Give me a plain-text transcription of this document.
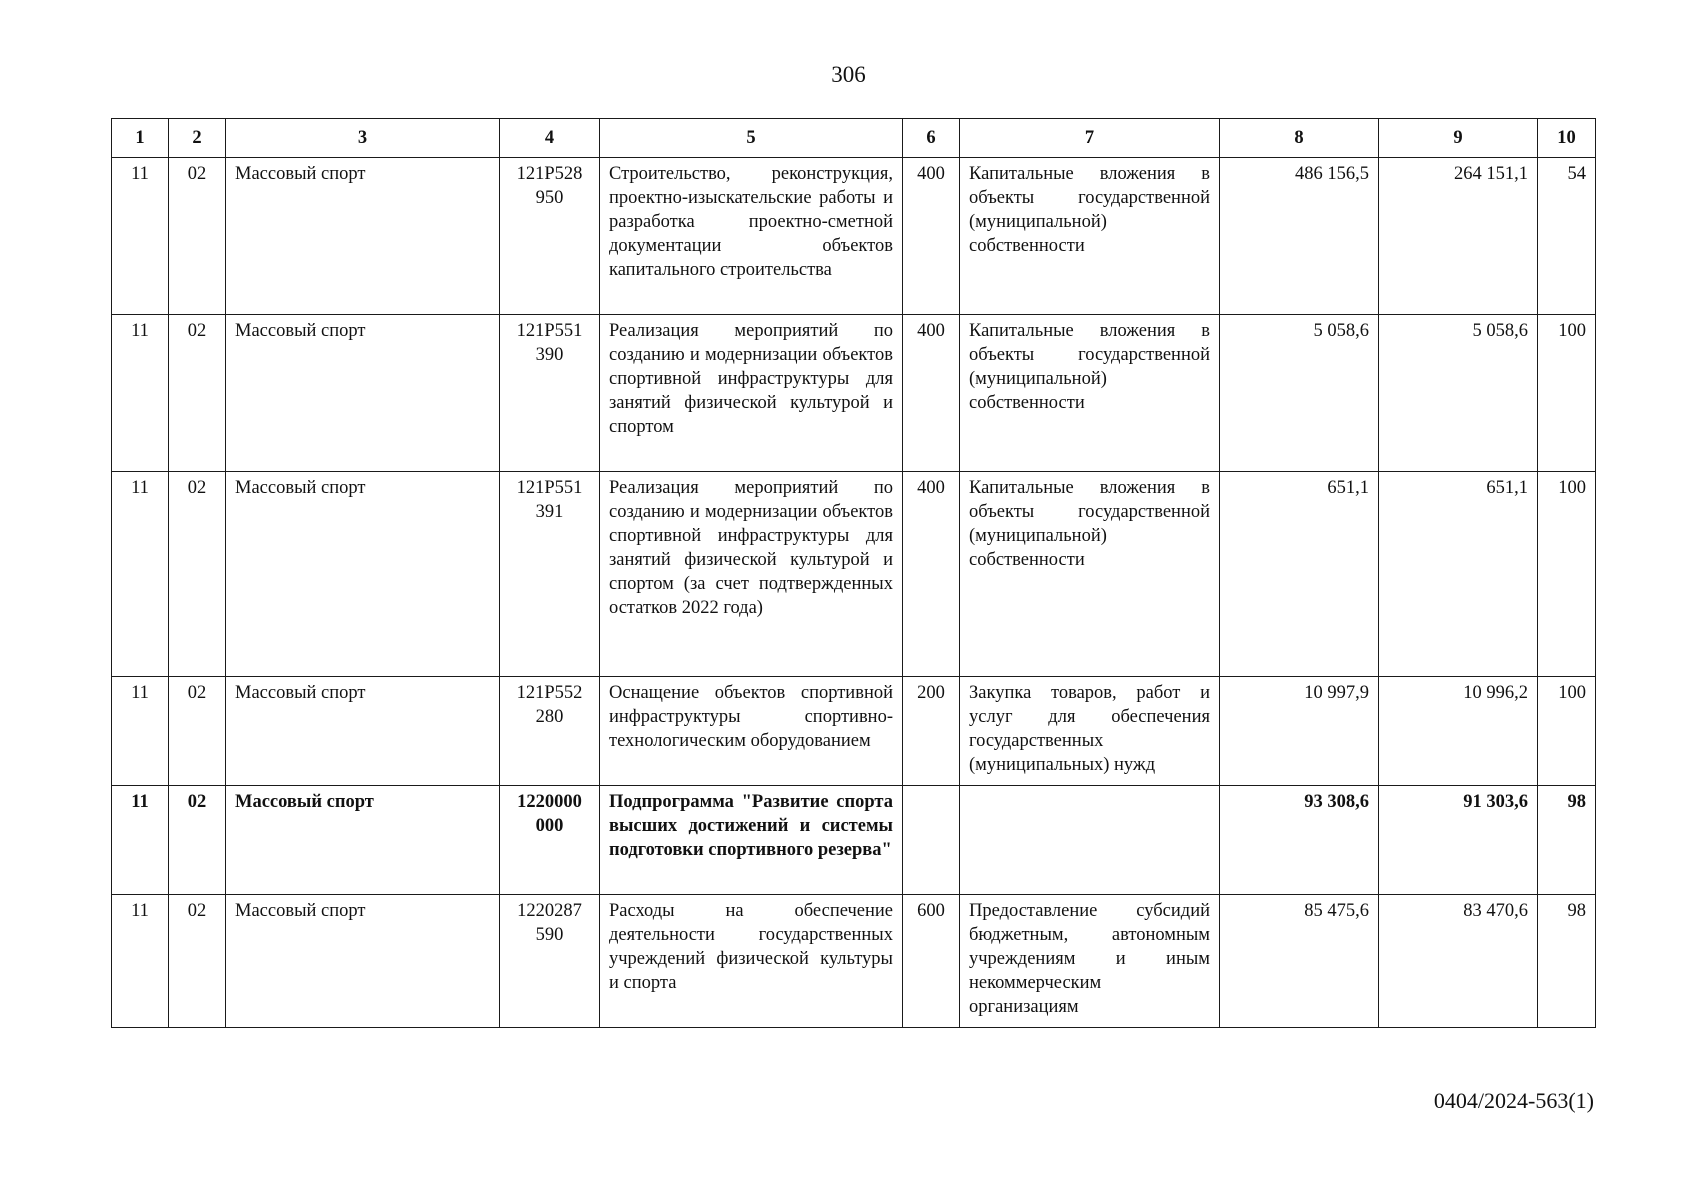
306
1	2	3	4	5	6	7	8	9	10
11	02	Массовый спорт	121P528 950	Строительство, реконструкция, проектно-изыскательские работы и разработка проектно-сметной документации объектов капитального строительства	400	Капитальные вложения в объекты государственной (муниципальной) собственности	486 156,5	264 151,1	54
11	02	Массовый спорт	121P551 390	Реализация мероприятий по созданию и модернизации объектов спортивной инфраструктуры для занятий физической культурой и спортом	400	Капитальные вложения в объекты государственной (муниципальной) собственности	5 058,6	5 058,6	100
11	02	Массовый спорт	121P551 391	Реализация мероприятий по созданию и модернизации объектов спортивной инфраструктуры для занятий физической культурой и спортом (за счет подтвержденных остатков 2022 года)	400	Капитальные вложения в объекты государственной (муниципальной) собственности	651,1	651,1	100
11	02	Массовый спорт	121P552 280	Оснащение объектов спортивной инфраструктуры спортивно-технологическим оборудованием	200	Закупка товаров, работ и услуг для обеспечения государственных (муниципальных) нужд	10 997,9	10 996,2	100
11	02	Массовый спорт	1220000 000	Подпрограмма "Развитие спорта высших достижений и системы подготовки спортивного резерва"			93 308,6	91 303,6	98
11	02	Массовый спорт	1220287 590	Расходы на обеспечение деятельности государственных учреждений физической культуры и спорта	600	Предоставление субсидий бюджетным, автономным учреждениям и иным некоммерческим организациям	85 475,6	83 470,6	98
0404/2024-563(1)
